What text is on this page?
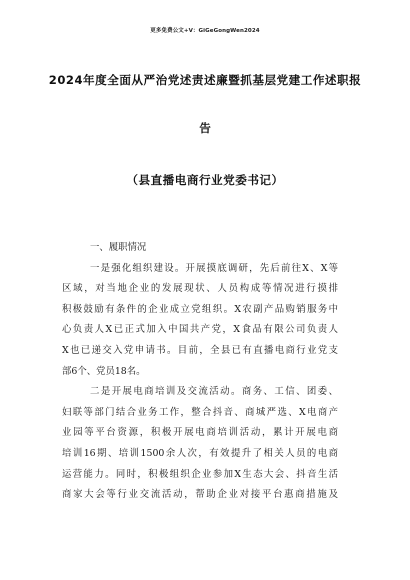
更多免费公文+V：GiGeGongWen2024
2024年度全面从严治党述责述廉暨抓基层党建工作述职报
告
（县直播电商行业党委书记）
一、履职情况
一是强化组织建设。开展摸底调研，先后前往X、X等
区域，对当地企业的发展现状、人员构成等情况进行摸排
积极鼓励有条件的企业成立党组织。X农副产品购销服务中
心负责人X已正式加入中国共产党，X食品有限公司负责人
X也已递交入党申请书。目前，全县已有直播电商行业党支
部6个、党员18名。
二是开展电商培训及交流活动。商务、工信、团委、
妇联等部门结合业务工作，整合抖音、商城严选、X电商产
业园等平台资源，积极开展电商培训活动，累计开展电商
培训16期、培训1500余人次，有效提升了相关人员的电商
运营能力。同时，积极组织企业参加X生态大会、抖音生活
商家大会等行业交流活动，帮助企业对接平台惠商措施及
